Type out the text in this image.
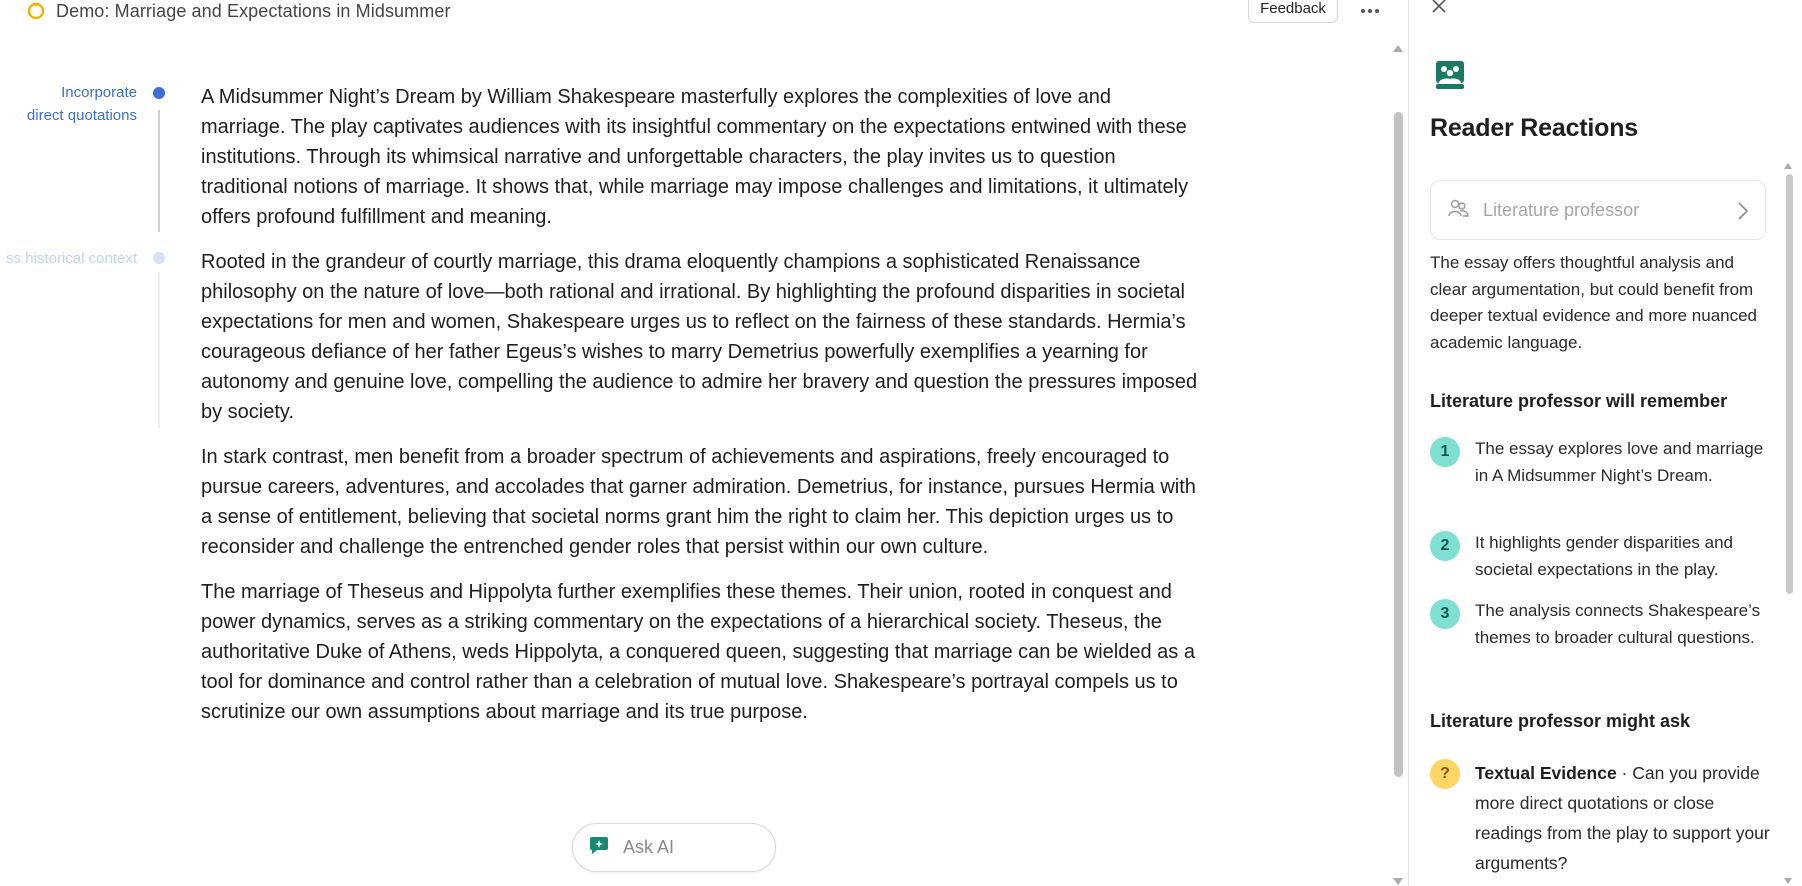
Demo: Marriage and Expectations in Midsummer	Feedback
Incorporate
direct quotations
ss historical context

A Midsummer Night’s Dream by William Shakespeare masterfully explores the complexities of love and marriage. The play captivates audiences with its insightful commentary on the expectations entwined with these institutions. Through its whimsical narrative and unforgettable characters, the play invites us to question traditional notions of marriage. It shows that, while marriage may impose challenges and limitations, it ultimately offers profound fulfillment and meaning.

Rooted in the grandeur of courtly marriage, this drama eloquently champions a sophisticated Renaissance philosophy on the nature of love—both rational and irrational. By highlighting the profound disparities in societal expectations for men and women, Shakespeare urges us to reflect on the fairness of these standards. Hermia’s courageous defiance of her father Egeus’s wishes to marry Demetrius powerfully exemplifies a yearning for autonomy and genuine love, compelling the audience to admire her bravery and question the pressures imposed by society.

In stark contrast, men benefit from a broader spectrum of achievements and aspirations, freely encouraged to pursue careers, adventures, and accolades that garner admiration. Demetrius, for instance, pursues Hermia with a sense of entitlement, believing that societal norms grant him the right to claim her. This depiction urges us to reconsider and challenge the entrenched gender roles that persist within our own culture.

The marriage of Theseus and Hippolyta further exemplifies these themes. Their union, rooted in conquest and power dynamics, serves as a striking commentary on the expectations of a hierarchical society. Theseus, the authoritative Duke of Athens, weds Hippolyta, a conquered queen, suggesting that marriage can be wielded as a tool for dominance and control rather than a celebration of mutual love. Shakespeare’s portrayal compels us to scrutinize our own assumptions about marriage and its true purpose.

Ask AI
Reader Reactions
Literature professor
The essay offers thoughtful analysis and clear argumentation, but could benefit from deeper textual evidence and more nuanced academic language.
Literature professor will remember
1	The essay explores love and marriage in A Midsummer Night’s Dream.
2	It highlights gender disparities and societal expectations in the play.
3	The analysis connects Shakespeare’s themes to broader cultural questions.
Literature professor might ask
?	Textual Evidence · Can you provide more direct quotations or close readings from the play to support your arguments?
